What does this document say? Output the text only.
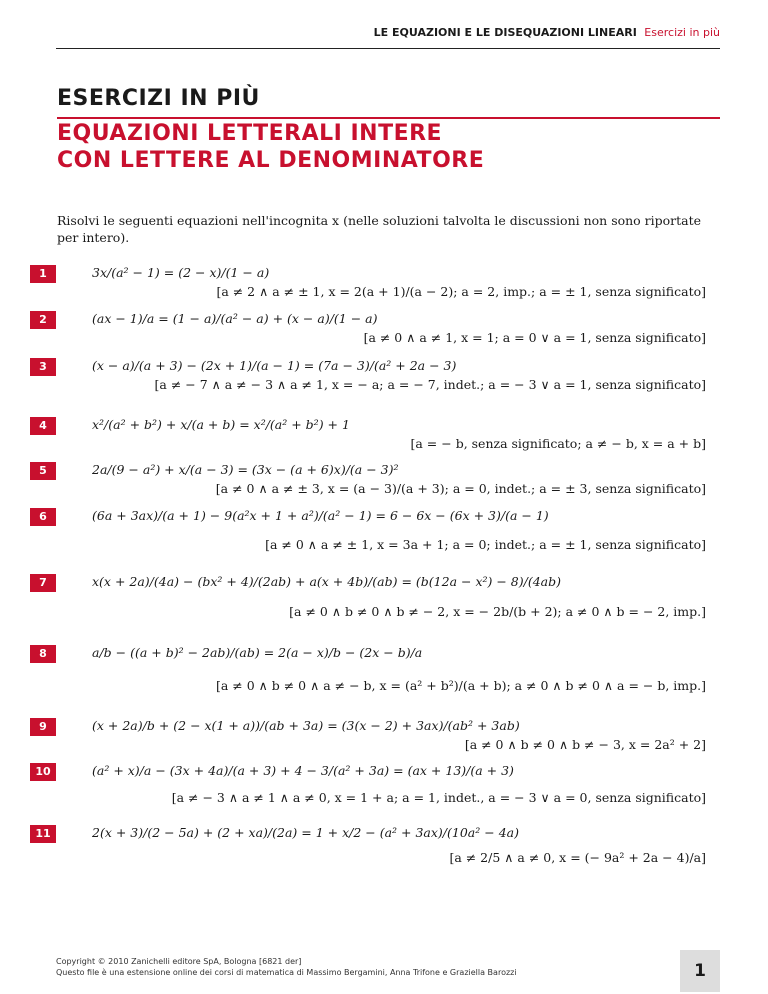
LE EQUAZIONI E LE DISEQUAZIONI LINEARI Esercizi in più
ESERCIZI IN PIÙ
EQUAZIONI LETTERALI INTERE
CON LETTERE AL DENOMINATORE
Risolvi le seguenti equazioni nell'incognita x (nelle soluzioni talvolta le discussioni non sono riportate per intero).
1	3x/(a² − 1) = (2 − x)/(1 − a)
[a ≠ 2 ∧ a ≠ ± 1, x = 2(a + 1)/(a − 2); a = 2, imp.; a = ± 1, senza significato]
2	(ax − 1)/a = (1 − a)/(a² − a) + (x − a)/(1 − a)
[a ≠ 0 ∧ a ≠ 1, x = 1; a = 0 ∨ a = 1, senza significato]
3	(x − a)/(a + 3) − (2x + 1)/(a − 1) = (7a − 3)/(a² + 2a − 3)
[a ≠ − 7 ∧ a ≠ − 3 ∧ a ≠ 1, x = − a; a = − 7, indet.; a = − 3 ∨ a = 1, senza significato]
4	x²/(a² + b²) + x/(a + b) = x²/(a² + b²) + 1
[a = − b, senza significato; a ≠ − b, x = a + b]
5	2a/(9 − a²) + x/(a − 3) = (3x − (a + 6)x)/(a − 3)²
[a ≠ 0 ∧ a ≠ ± 3, x = (a − 3)/(a + 3); a = 0, indet.; a = ± 3, senza significato]
6	(6a + 3ax)/(a + 1) − 9(a²x + 1 + a²)/(a² − 1) = 6 − 6x − (6x + 3)/(a − 1)
[a ≠ 0 ∧ a ≠ ± 1, x = 3a + 1; a = 0; indet.; a = ± 1, senza significato]
7	x(x + 2a)/(4a) − (bx² + 4)/(2ab) + a(x + 4b)/(ab) = (b(12a − x²) − 8)/(4ab)
[a ≠ 0 ∧ b ≠ 0 ∧ b ≠ − 2, x = − 2b/(b + 2); a ≠ 0 ∧ b = − 2, imp.]
8	a/b − ((a + b)² − 2ab)/(ab) = 2(a − x)/b − (2x − b)/a
[a ≠ 0 ∧ b ≠ 0 ∧ a ≠ − b, x = (a² + b²)/(a + b); a ≠ 0 ∧ b ≠ 0 ∧ a = − b, imp.]
9	(x + 2a)/b + (2 − x(1 + a))/(ab + 3a) = (3(x − 2) + 3ax)/(ab² + 3ab)
[a ≠ 0 ∧ b ≠ 0 ∧ b ≠ − 3, x = 2a² + 2]
10	(a² + x)/a − (3x + 4a)/(a + 3) + 4 − 3/(a² + 3a) = (ax + 13)/(a + 3)
[a ≠ − 3 ∧ a ≠ 1 ∧ a ≠ 0, x = 1 + a; a = 1, indet., a = − 3 ∨ a = 0, senza significato]
11	2(x + 3)/(2 − 5a) + (2 + xa)/(2a) = 1 + x/2 − (a² + 3ax)/(10a² − 4a)
[a ≠ 2/5 ∧ a ≠ 0, x = (− 9a² + 2a − 4)/a]
Copyright © 2010 Zanichelli editore SpA, Bologna [6821 der]
Questo file è una estensione online dei corsi di matematica di Massimo Bergamini, Anna Trifone e Graziella Barozzi	1
